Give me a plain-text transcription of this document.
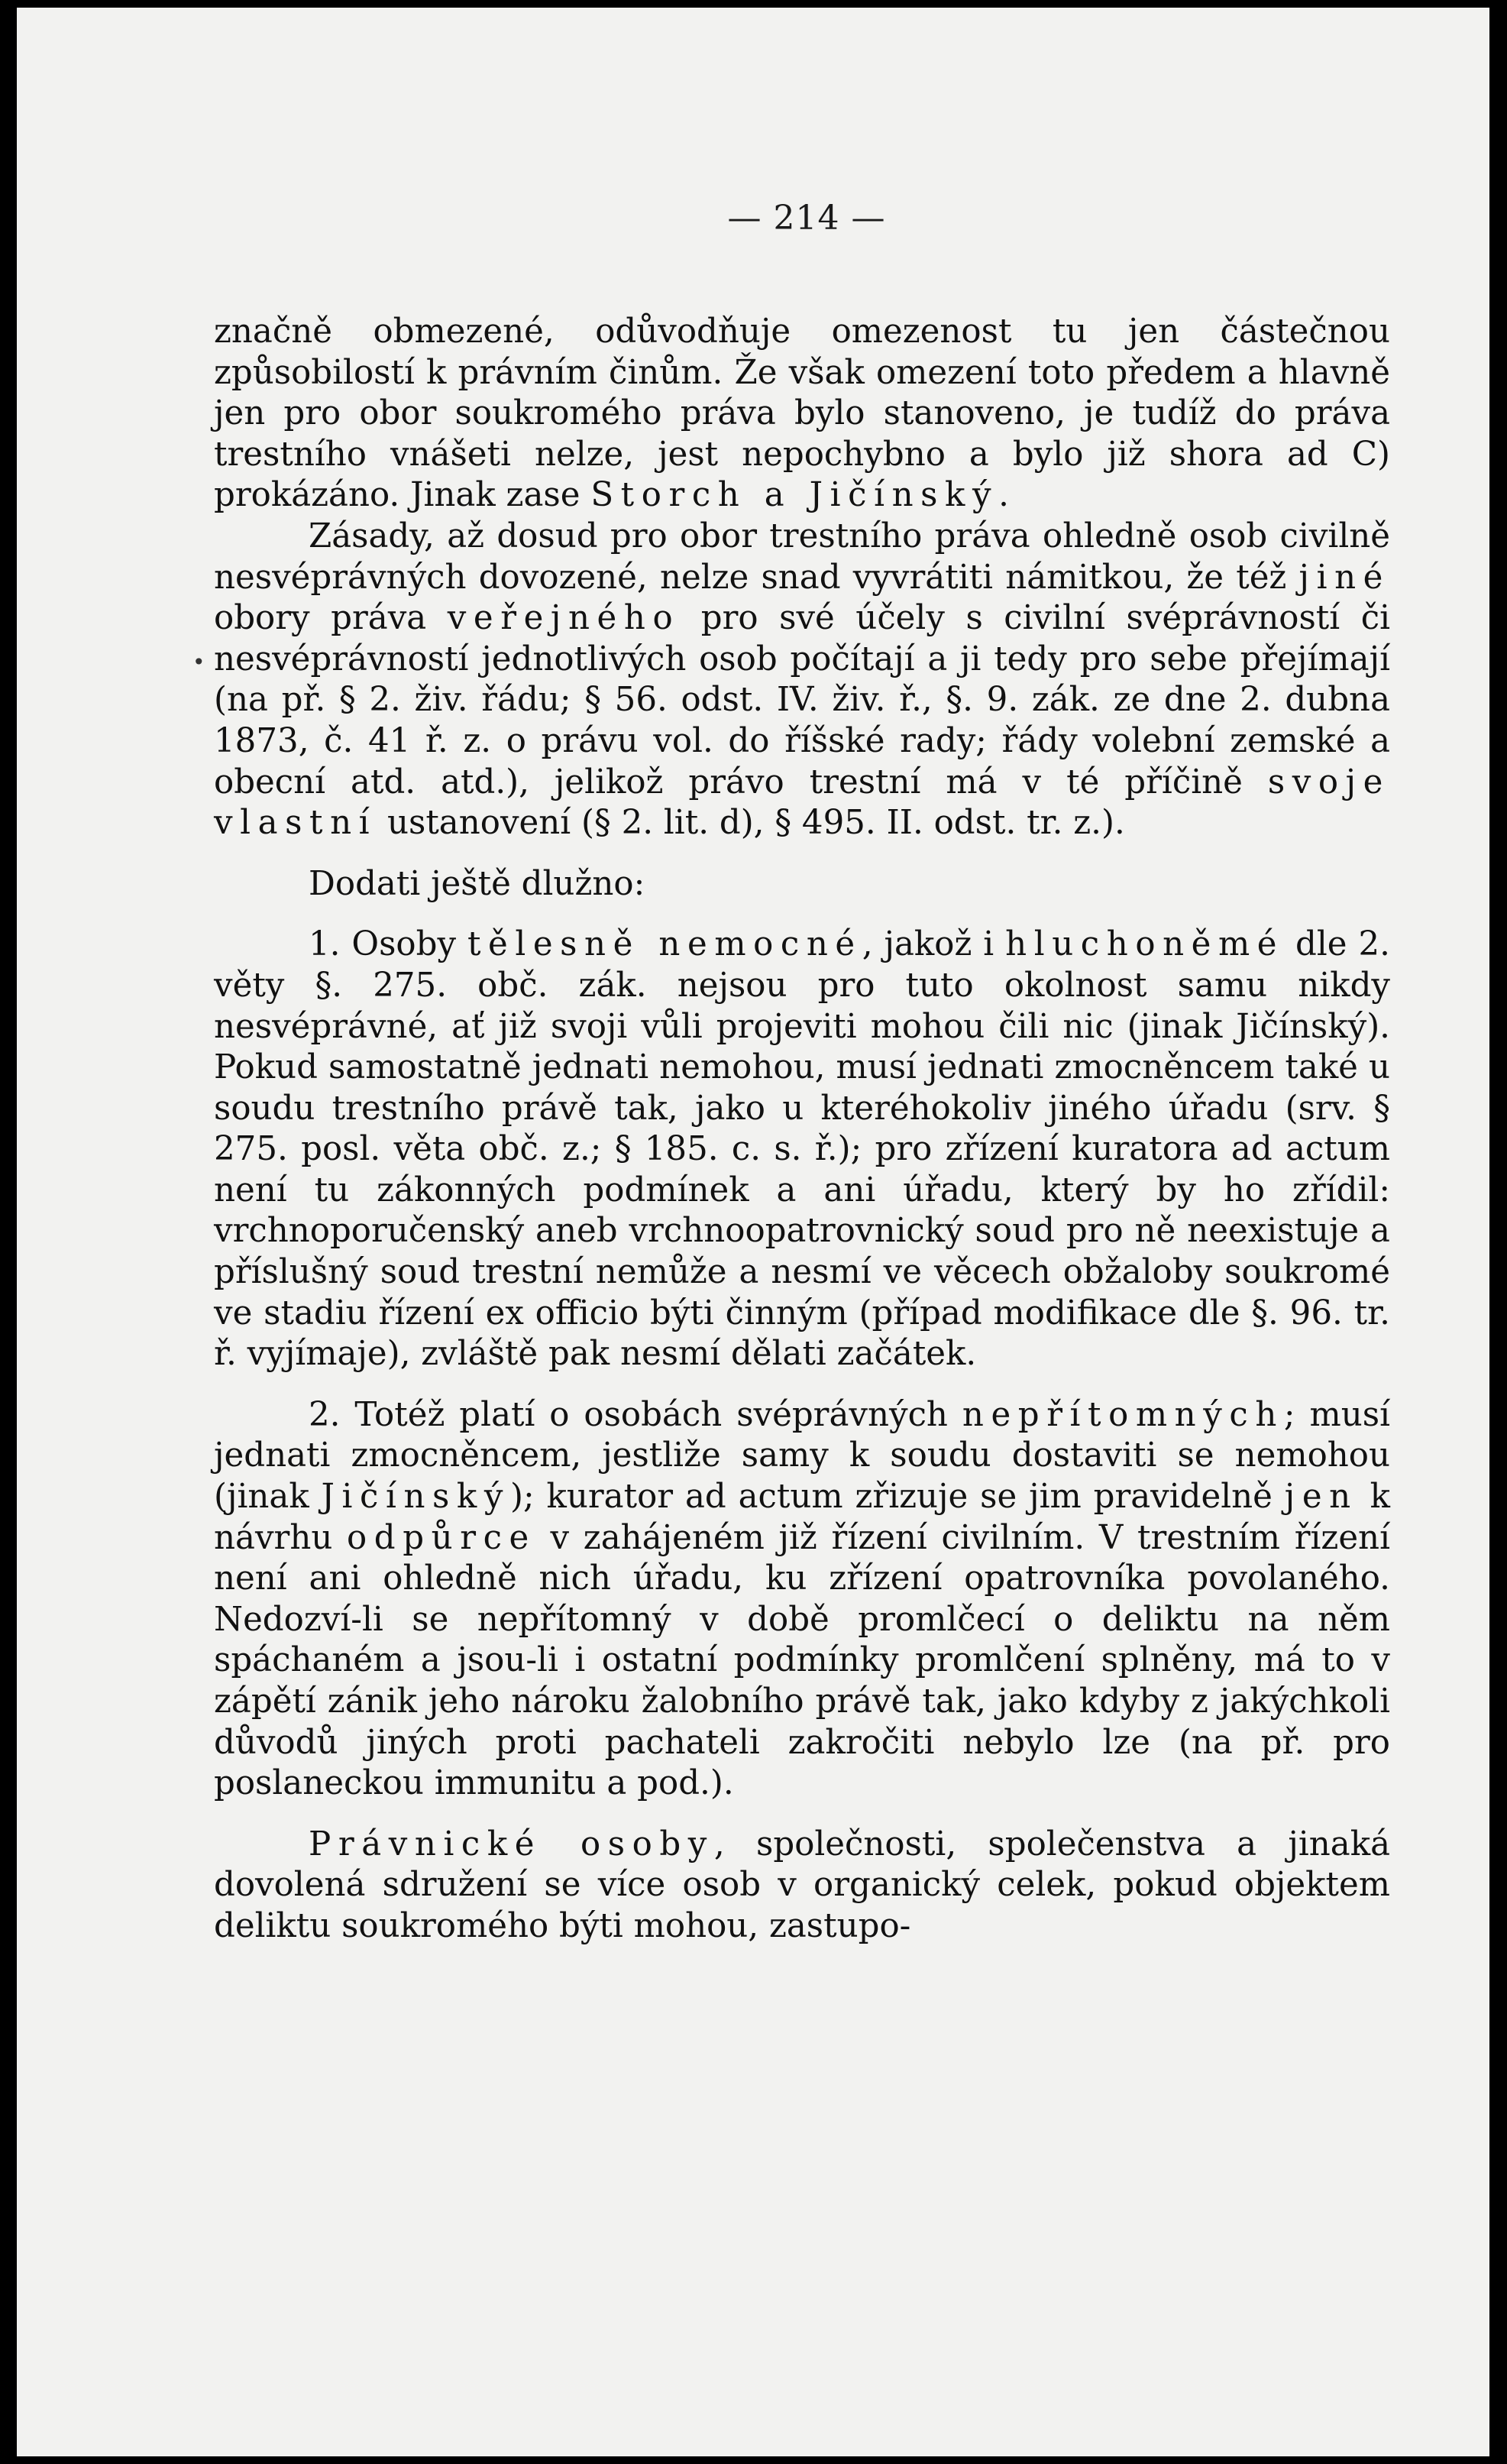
— 214 —
•

značně obmezené, odůvodňuje omezenost tu jen částečnou způsobilostí k právním činům. Že však omezení toto předem a hlavně jen pro obor soukromého práva bylo stanoveno, je tudíž do práva trestního vnášeti nelze, jest nepochybno a bylo již shora ad C) prokázáno. Jinak zase Storch a Jičínský.

Zásady, až dosud pro obor trestního práva ohledně osob civilně nesvéprávných dovozené, nelze snad vyvrátiti námitkou, že též jiné obory práva veřejného pro své účely s civilní svéprávností či nesvéprávností jednotlivých osob počítají a ji tedy pro sebe přejímají (na př. § 2. živ. řádu; § 56. odst. IV. živ. ř., §. 9. zák. ze dne 2. dubna 1873, č. 41 ř. z. o právu vol. do říšské rady; řády volební zemské a obecní atd. atd.), jelikož právo trestní má v té příčině svoje vlastní ustanovení (§ 2. lit. d), § 495. II. odst. tr. z.).

Dodati ještě dlužno:

1. Osoby tělesně nemocné, jakož i hluchoněmé dle 2. věty §. 275. obč. zák. nejsou pro tuto okolnost samu nikdy nesvéprávné, ať již svoji vůli projeviti mohou čili nic (jinak Jičínský). Pokud samostatně jednati nemohou, musí jednati zmocněncem také u soudu trestního právě tak, jako u kteréhokoliv jiného úřadu (srv. § 275. posl. věta obč. z.; § 185. c. s. ř.); pro zřízení kuratora ad actum není tu zákonných podmínek a ani úřadu, který by ho zřídil: vrchnoporučenský aneb vrchnoopatrovnický soud pro ně neexistuje a příslušný soud trestní nemůže a nesmí ve věcech obžaloby soukromé ve stadiu řízení ex officio býti činným (případ modifikace dle §. 96. tr. ř. vyjímaje), zvláště pak nesmí dělati začátek.

2. Totéž platí o osobách svéprávných nepřítomných; musí jednati zmocněncem, jestliže samy k soudu dostaviti se nemohou (jinak Jičínský); kurator ad actum zřizuje se jim pravidelně jen k návrhu odpůrce v zahájeném již řízení civilním. V trestním řízení není ani ohledně nich úřadu, ku zřízení opatrovníka povolaného. Nedozví-li se nepřítomný v době promlčecí o deliktu na něm spáchaném a jsou-li i ostatní podmínky promlčení splněny, má to v zápětí zánik jeho nároku žalobního právě tak, jako kdyby z jakýchkoli důvodů jiných proti pachateli zakročiti nebylo lze (na př. pro poslaneckou immunitu a pod.).

Právnické osoby, společnosti, společenstva a jinaká dovolená sdružení se více osob v organický celek, pokud objektem deliktu soukromého býti mohou, zastupo-
